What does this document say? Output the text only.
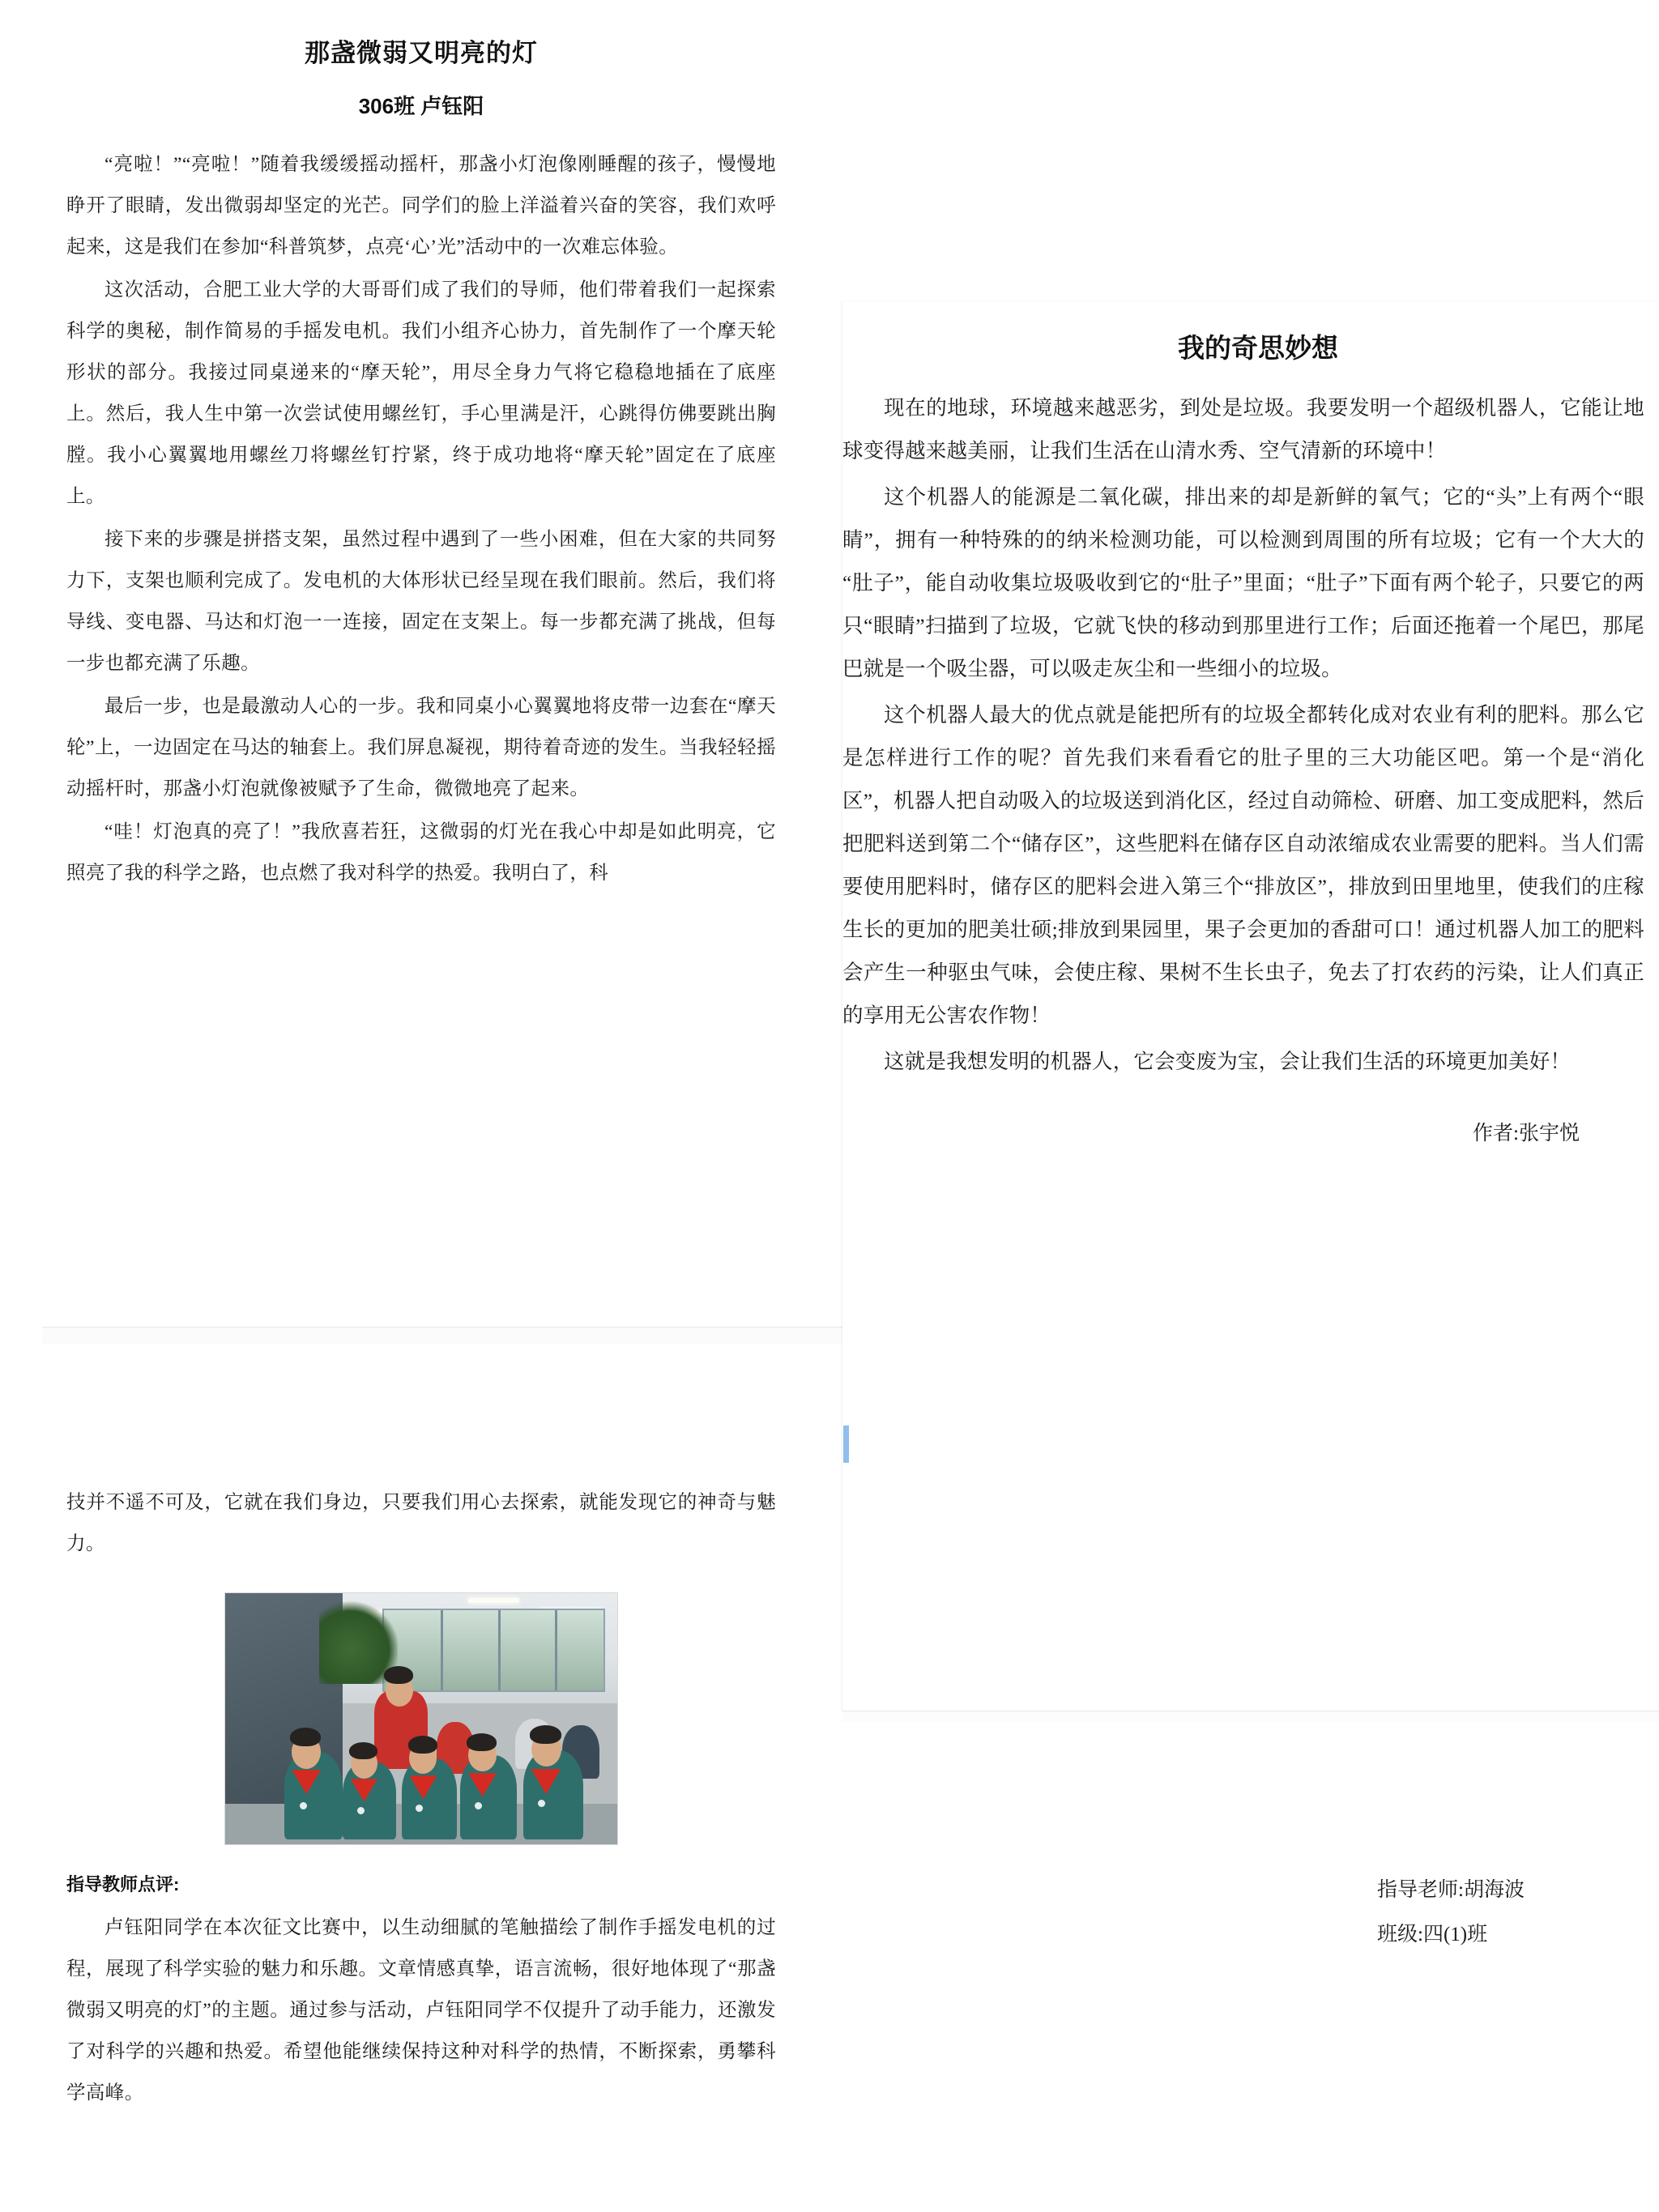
那盏微弱又明亮的灯
306班 卢钰阳

“亮啦！”“亮啦！”随着我缓缓摇动摇杆，那盏小灯泡像刚睡醒的孩子，慢慢地睁开了眼睛，发出微弱却坚定的光芒。同学们的脸上洋溢着兴奋的笑容，我们欢呼起来，这是我们在参加“科普筑梦，点亮‘心’光”活动中的一次难忘体验。

这次活动，合肥工业大学的大哥哥们成了我们的导师，他们带着我们一起探索科学的奥秘，制作简易的手摇发电机。我们小组齐心协力，首先制作了一个摩天轮形状的部分。我接过同桌递来的“摩天轮”，用尽全身力气将它稳稳地插在了底座上。然后，我人生中第一次尝试使用螺丝钉，手心里满是汗，心跳得仿佛要跳出胸膛。我小心翼翼地用螺丝刀将螺丝钉拧紧，终于成功地将“摩天轮”固定在了底座上。

接下来的步骤是拼搭支架，虽然过程中遇到了一些小困难，但在大家的共同努力下，支架也顺利完成了。发电机的大体形状已经呈现在我们眼前。然后，我们将导线、变电器、马达和灯泡一一连接，固定在支架上。每一步都充满了挑战，但每一步也都充满了乐趣。

最后一步，也是最激动人心的一步。我和同桌小心翼翼地将皮带一边套在“摩天轮”上，一边固定在马达的轴套上。我们屏息凝视，期待着奇迹的发生。当我轻轻摇动摇杆时，那盏小灯泡就像被赋予了生命，微微地亮了起来。

“哇！灯泡真的亮了！”我欣喜若狂，这微弱的灯光在我心中却是如此明亮，它照亮了我的科学之路，也点燃了我对科学的热爱。我明白了，科

技并不遥不可及，它就在我们身边，只要我们用心去探索，就能发现它的神奇与魅力。

指导教师点评:

卢钰阳同学在本次征文比赛中，以生动细腻的笔触描绘了制作手摇发电机的过程，展现了科学实验的魅力和乐趣。文章情感真挚，语言流畅，很好地体现了“那盏微弱又明亮的灯”的主题。通过参与活动，卢钰阳同学不仅提升了动手能力，还激发了对科学的兴趣和热爱。希望他能继续保持这种对科学的热情，不断探索，勇攀科学高峰。

我的奇思妙想

现在的地球，环境越来越恶劣，到处是垃圾。我要发明一个超级机器人，它能让地球变得越来越美丽，让我们生活在山清水秀、空气清新的环境中！

这个机器人的能源是二氧化碳，排出来的却是新鲜的氧气；它的“头”上有两个“眼睛”，拥有一种特殊的的纳米检测功能，可以检测到周围的所有垃圾；它有一个大大的“肚子”，能自动收集垃圾吸收到它的“肚子”里面；“肚子”下面有两个轮子，只要它的两只“眼睛”扫描到了垃圾，它就飞快的移动到那里进行工作；后面还拖着一个尾巴，那尾巴就是一个吸尘器，可以吸走灰尘和一些细小的垃圾。

这个机器人最大的优点就是能把所有的垃圾全都转化成对农业有利的肥料。那么它是怎样进行工作的呢？首先我们来看看它的肚子里的三大功能区吧。第一个是“消化区”，机器人把自动吸入的垃圾送到消化区，经过自动筛检、研磨、加工变成肥料，然后把肥料送到第二个“储存区”，这些肥料在储存区自动浓缩成农业需要的肥料。当人们需要使用肥料时，储存区的肥料会进入第三个“排放区”，排放到田里地里，使我们的庄稼生长的更加的肥美壮硕;排放到果园里，果子会更加的香甜可口！通过机器人加工的肥料会产生一种驱虫气味，会使庄稼、果树不生长虫子，免去了打农药的污染，让人们真正的享用无公害农作物！

这就是我想发明的机器人，它会变废为宝，会让我们生活的环境更加美好！

作者:张宇悦
指导老师:胡海波
班级:四(1)班
